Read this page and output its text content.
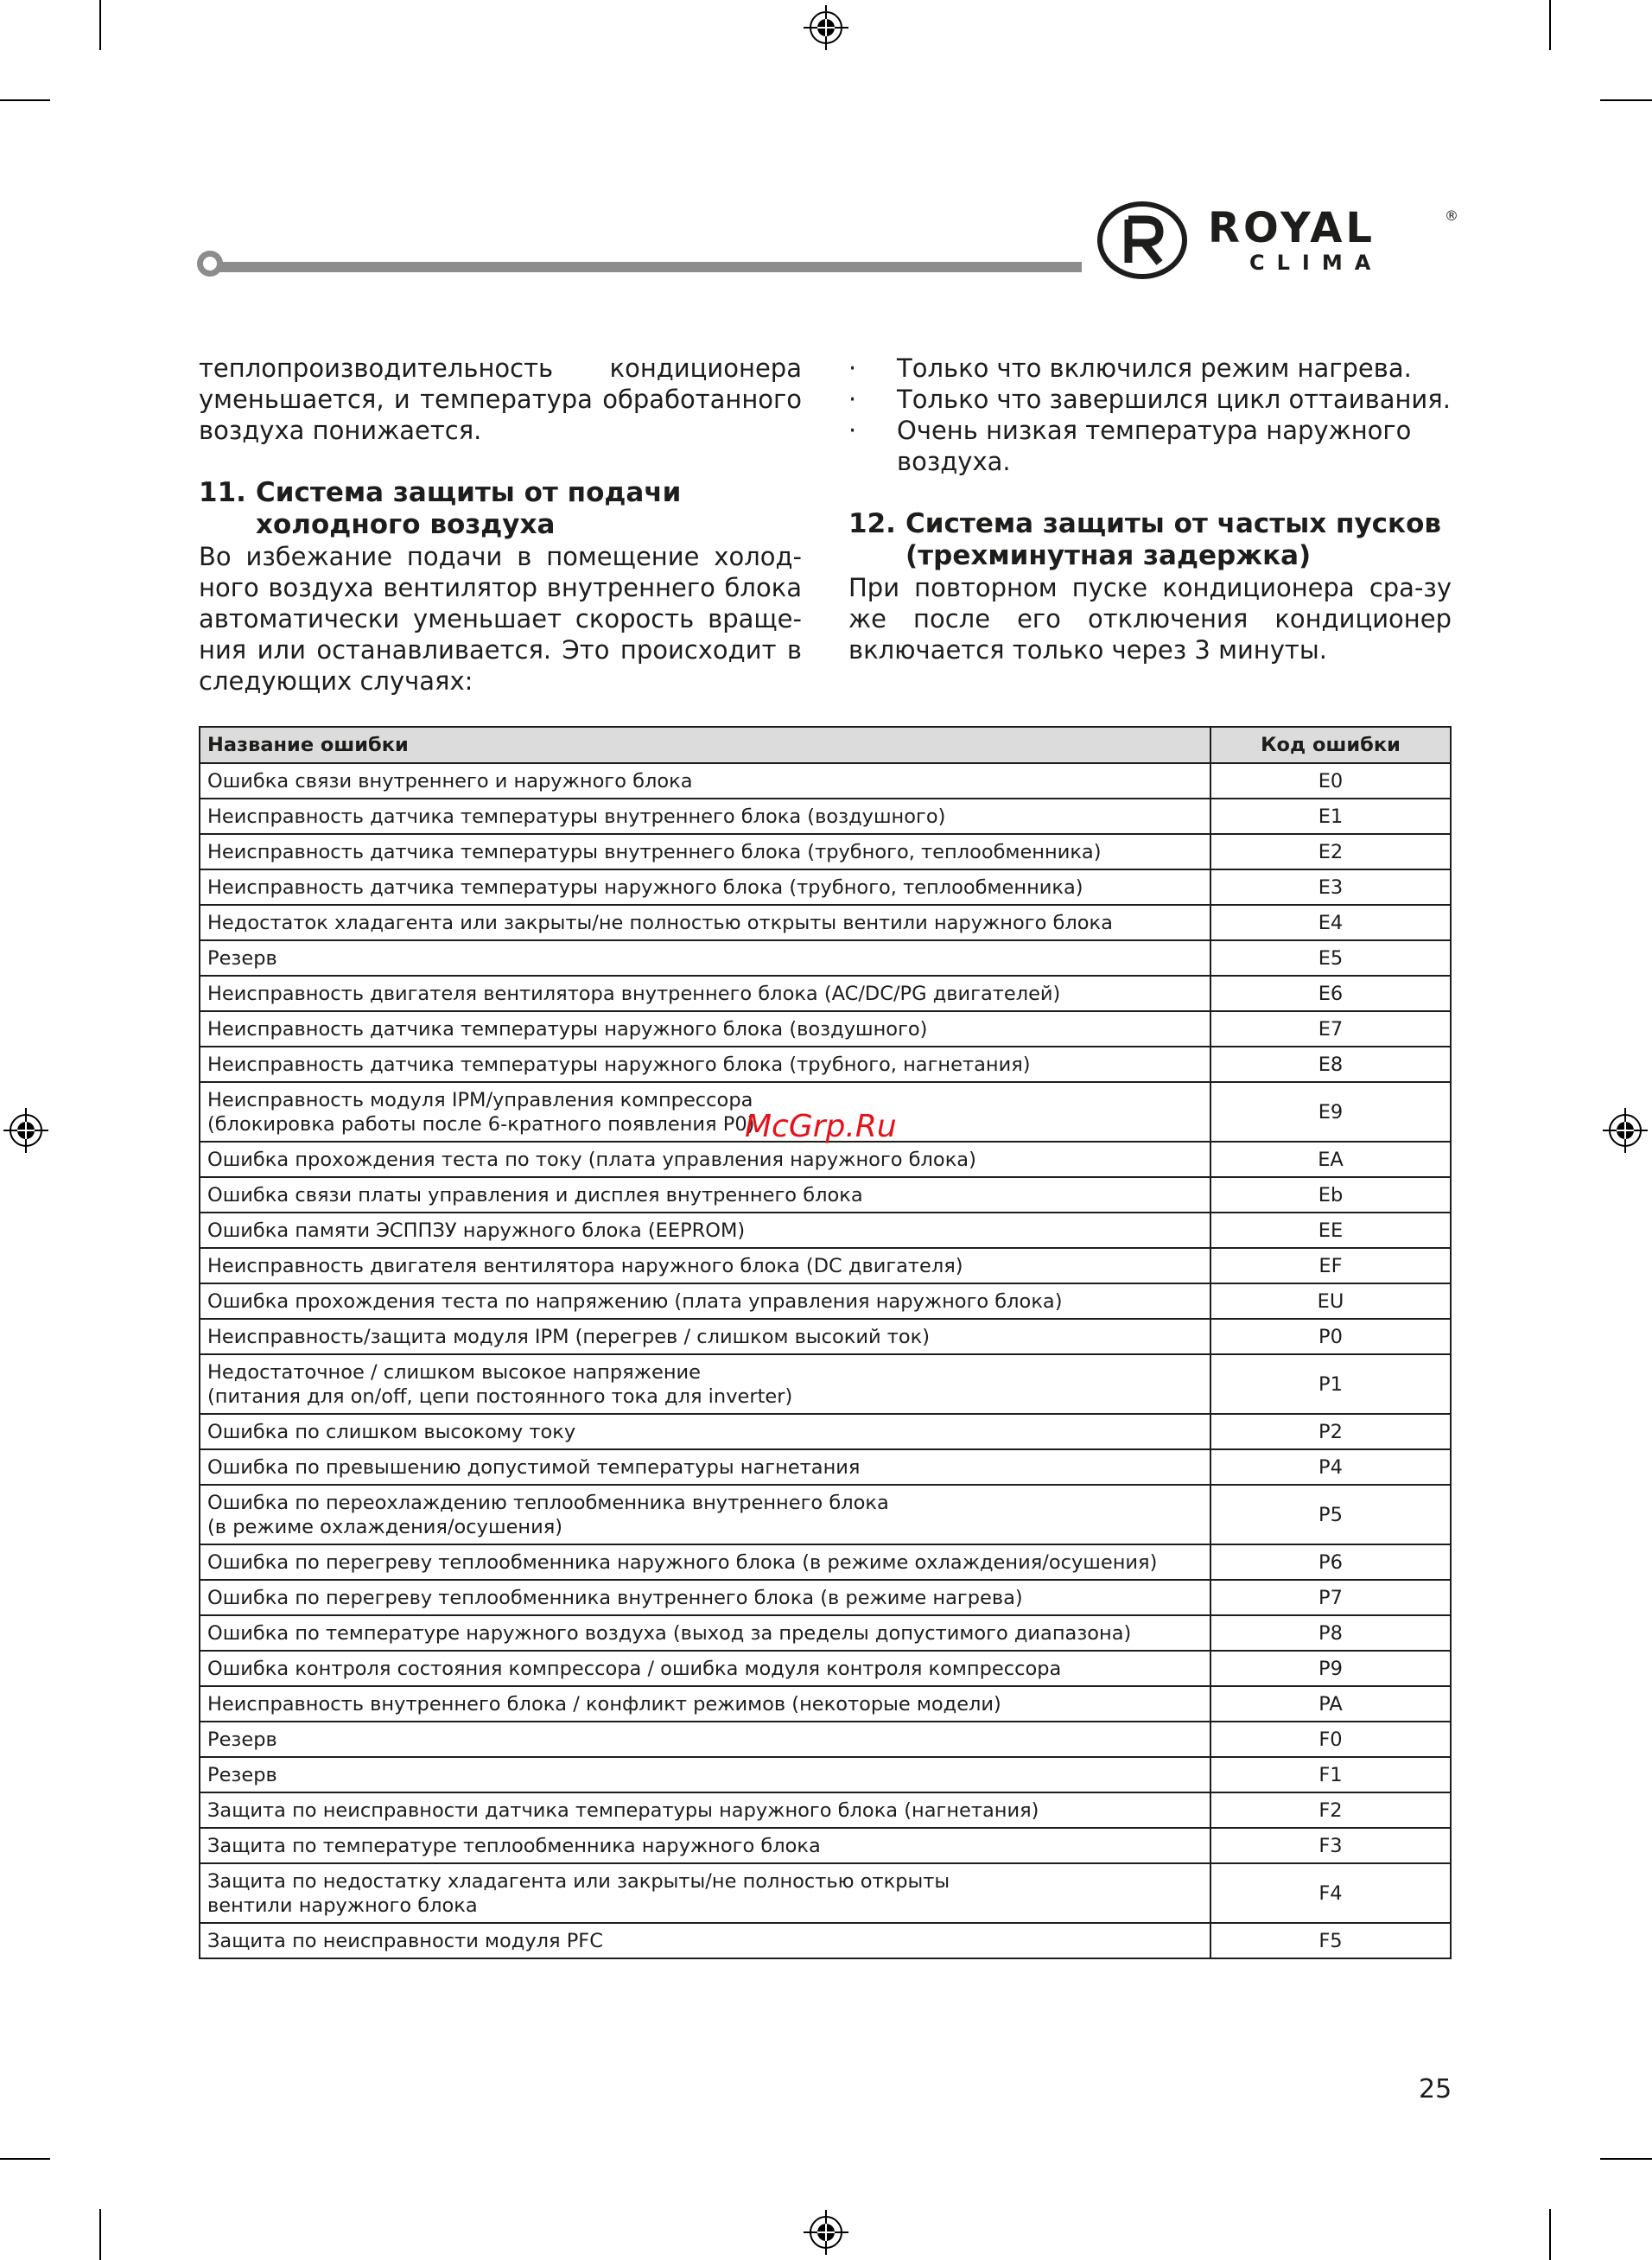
ROYAL	®
CLIMA

теплопроизводительность кондиционера уменьшается, и температура обработанного воздуха понижается.

11. Система защиты от подачи
холодного воздуха

Во избежание подачи в помещение холод-ного воздуха вентилятор внутреннего блока автоматически уменьшает скорость враще-ния или останавливается. Это происходит в следующих случаях:

·	Только что включился режим нагрева.
·	Только что завершился цикл оттаивания.
·	Очень низкая температура наружного воздуха.
12. Система защиты от частых пусков
(трехминутная задержка)

При повторном пуске кондиционера сра-зу же после его отключения кондиционер включается только через 3 минуты.

Название ошибки	Код ошибки
Ошибка связи внутреннего и наружного блока	E0
Неисправность датчика температуры внутреннего блока (воздушного)	E1
Неисправность датчика температуры внутреннего блока (трубного, теплообменника)	E2
Неисправность датчика температуры наружного блока (трубного, теплообменника)	E3
Недостаток хладагента или закрыты/не полностью открыты вентили наружного блока	E4
Резерв	E5
Неисправность двигателя вентилятора внутреннего блока (AC/DC/PG двигателей)	E6
Неисправность датчика температуры наружного блока (воздушного)	E7
Неисправность датчика температуры наружного блока (трубного, нагнетания)	E8
Неисправность модуля IPM/управления компрессора
(блокировка работы после 6-кратного появления P0)	E9
Ошибка прохождения теста по току (плата управления наружного блока)	EA
Ошибка связи платы управления и дисплея внутреннего блока	Eb
Ошибка памяти ЭСППЗУ наружного блока (EEPROM)	EE
Неисправность двигателя вентилятора наружного блока (DC двигателя)	EF
Ошибка прохождения теста по напряжению (плата управления наружного блока)	EU
Неисправность/защита модуля IPM (перегрев / слишком высокий ток)	P0
Недостаточное / слишком высокое напряжение
(питания для on/off, цепи постоянного тока для inverter)	P1
Ошибка по слишком высокому току	P2
Ошибка по превышению допустимой температуры нагнетания	P4
Ошибка по переохлаждению теплообменника внутреннего блока
(в режиме охлаждения/осушения)	P5
Ошибка по перегреву теплообменника наружного блока (в режиме охлаждения/осушения)	P6
Ошибка по перегреву теплообменника внутреннего блока (в режиме нагрева)	P7
Ошибка по температуре наружного воздуха (выход за пределы допустимого диапазона)	P8
Ошибка контроля состояния компрессора / ошибка модуля контроля компрессора	P9
Неисправность внутреннего блока / конфликт режимов (некоторые модели)	PA
Резерв	F0
Резерв	F1
Защита по неисправности датчика температуры наружного блока (нагнетания)	F2
Защита по температуре теплообменника наружного блока	F3
Защита по недостатку хладагента или закрыты/не полностью открыты
вентили наружного блока	F4
Защита по неисправности модуля PFC	F5
McGrp.Ru
25
